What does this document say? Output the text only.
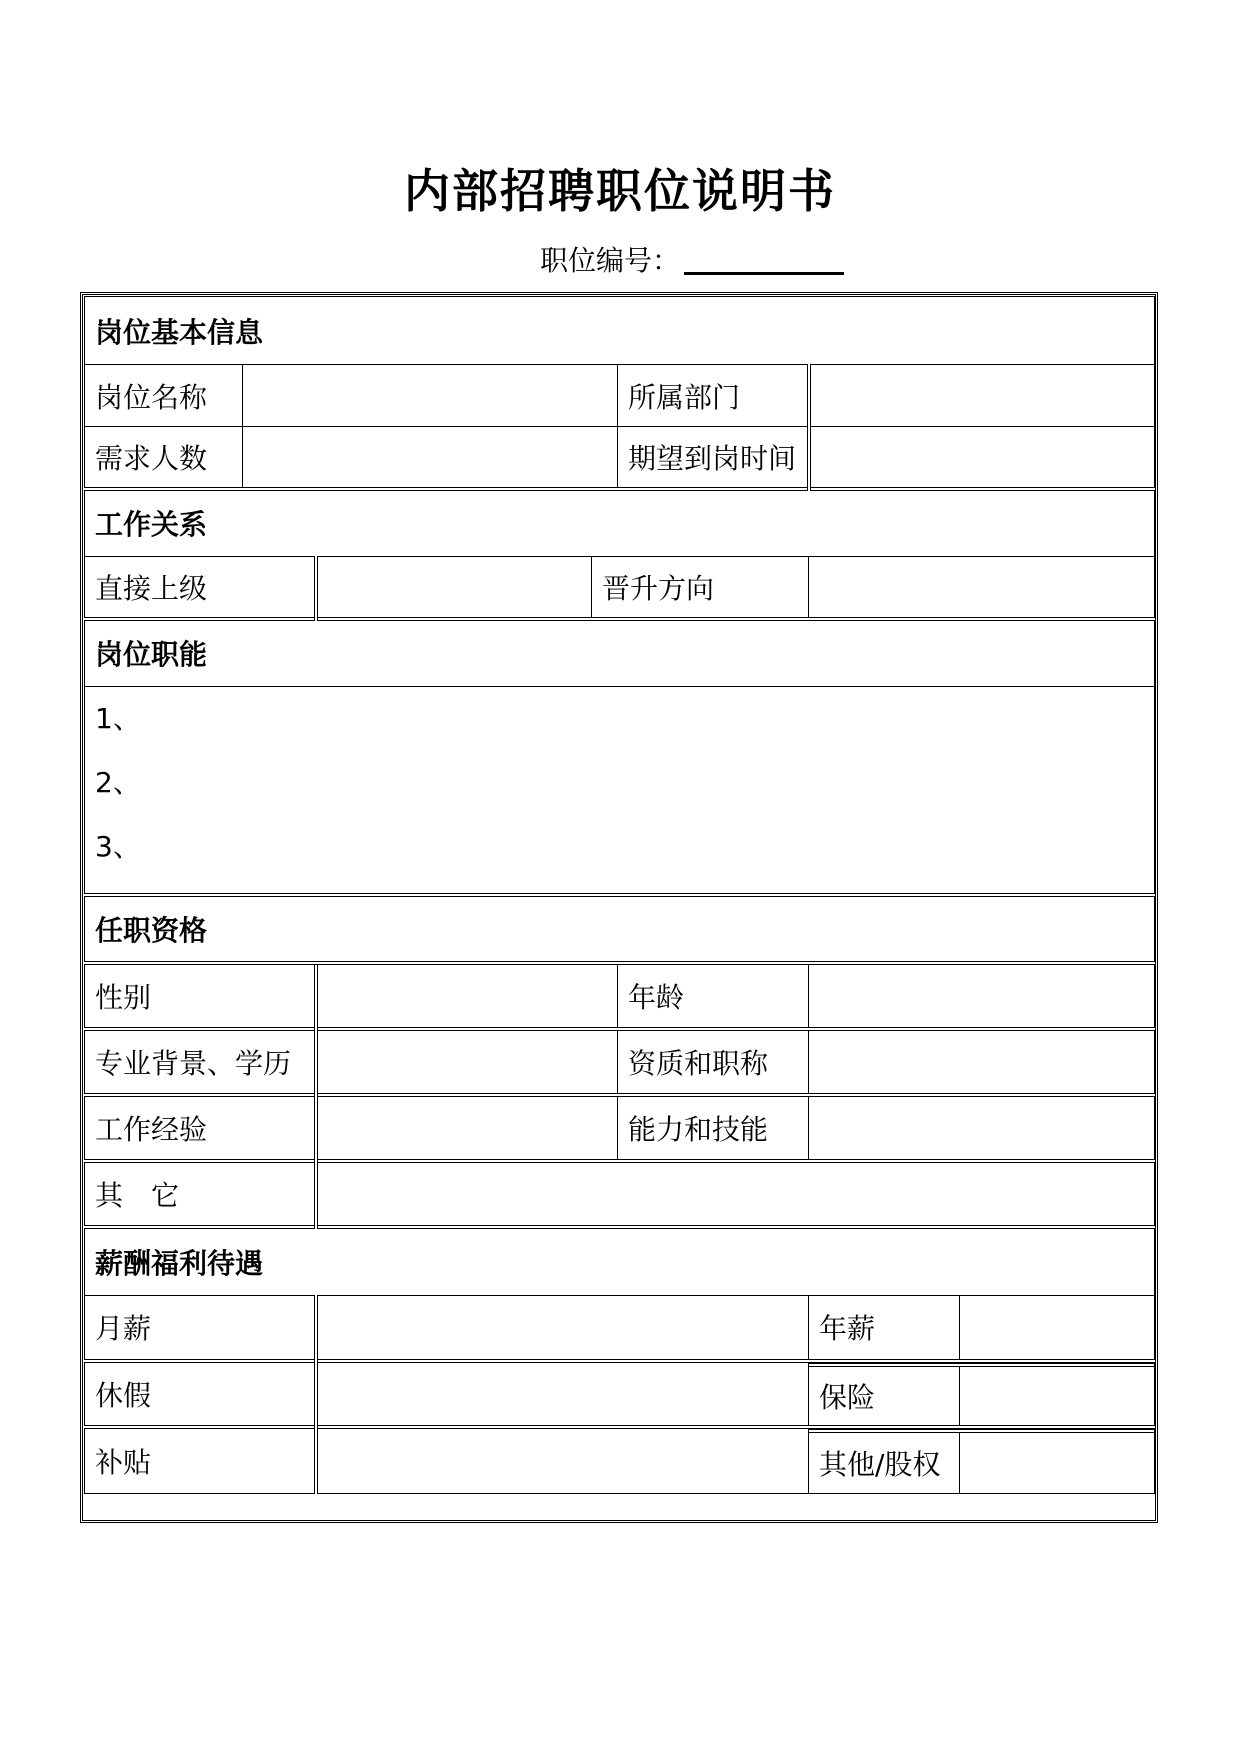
内部招聘职位说明书
职位编号：
岗位基本信息
岗位名称		所属部门	
需求人数		期望到岗时间	
工作关系
直接上级		晋升方向	
岗位职能

1、
2、
3、

任职资格
性别		年龄	
专业背景、学历		资质和职称	
工作经验		能力和技能	
其　它	
薪酬福利待遇
月薪			年薪	

休假			保险	

补贴			其他/股权	
